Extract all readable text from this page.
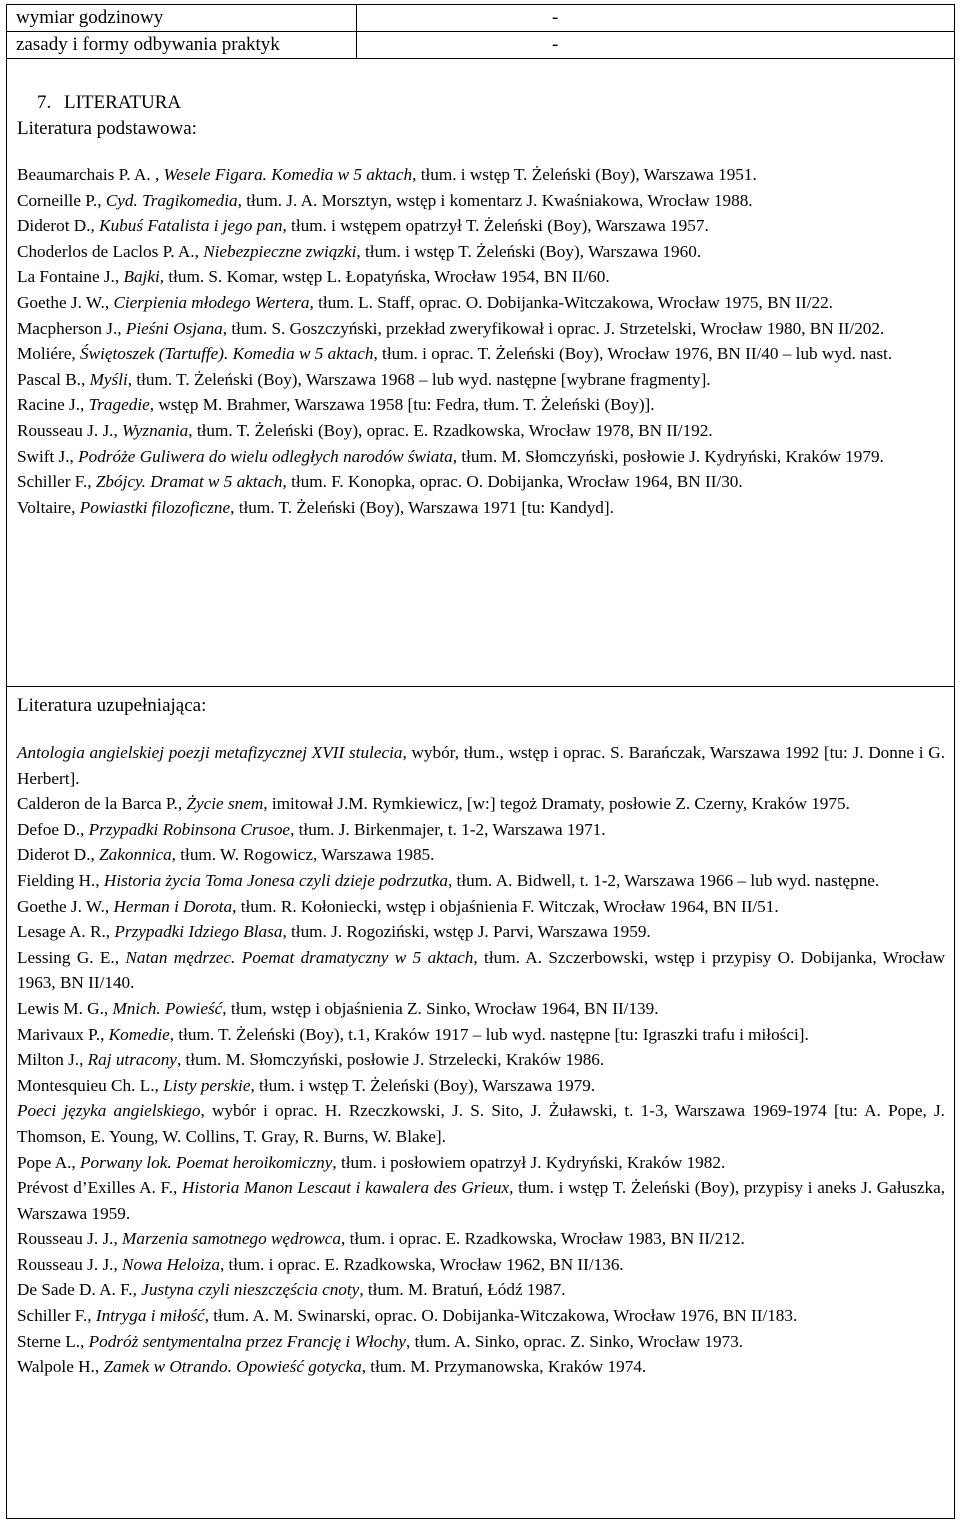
wymiar godzinowy	-
zasady i formy odbywania praktyk	-

7. LITERATURA

Literatura podstawowa:

Beaumarchais P. A. , Wesele Figara. Komedia w 5 aktach, tłum. i wstęp T. Żeleński (Boy), Warszawa 1951.

Corneille P., Cyd. Tragikomedia, tłum. J. A. Morsztyn, wstęp i komentarz J. Kwaśniakowa, Wrocław 1988.

Diderot D., Kubuś Fatalista i jego pan, tłum. i wstępem opatrzył T. Żeleński (Boy), Warszawa 1957.

Choderlos de Laclos P. A., Niebezpieczne związki, tłum. i wstęp T. Żeleński (Boy), Warszawa 1960.

La Fontaine J., Bajki, tłum. S. Komar, wstęp L. Łopatyńska, Wrocław 1954, BN II/60.

Goethe J. W., Cierpienia młodego Wertera, tłum. L. Staff, oprac. O. Dobijanka-Witczakowa, Wrocław 1975, BN II/22.

Macpherson J., Pieśni Osjana, tłum. S. Goszczyński, przekład zweryfikował i oprac. J. Strzetelski, Wrocław 1980, BN II/202.

Moliére, Świętoszek (Tartuffe). Komedia w 5 aktach, tłum. i oprac. T. Żeleński (Boy), Wrocław 1976, BN II/40 – lub wyd. nast.

Pascal B., Myśli, tłum. T. Żeleński (Boy), Warszawa 1968 – lub wyd. następne [wybrane fragmenty].

Racine J., Tragedie, wstęp M. Brahmer, Warszawa 1958 [tu: Fedra, tłum. T. Żeleński (Boy)].

Rousseau J. J., Wyznania, tłum. T. Żeleński (Boy), oprac. E. Rzadkowska, Wrocław 1978, BN II/192.

Swift J., Podróże Guliwera do wielu odległych narodów świata, tłum. M. Słomczyński, posłowie J. Kydryński, Kraków 1979.

Schiller F., Zbójcy. Dramat w 5 aktach, tłum. F. Konopka, oprac. O. Dobijanka, Wrocław 1964, BN II/30.

Voltaire, Powiastki filozoficzne, tłum. T. Żeleński (Boy), Warszawa 1971 [tu: Kandyd].

Literatura uzupełniająca:

Antologia angielskiej poezji metafizycznej XVII stulecia, wybór, tłum., wstęp i oprac. S. Barańczak, Warszawa 1992 [tu: J. Donne i G. Herbert].

Calderon de la Barca P., Życie snem, imitował J.M. Rymkiewicz, [w:] tegoż Dramaty, posłowie Z. Czerny, Kraków 1975.

Defoe D., Przypadki Robinsona Crusoe, tłum. J. Birkenmajer, t. 1-2, Warszawa 1971.

Diderot D., Zakonnica, tłum. W. Rogowicz, Warszawa 1985.

Fielding H., Historia życia Toma Jonesa czyli dzieje podrzutka, tłum. A. Bidwell, t. 1-2, Warszawa 1966 – lub wyd. następne.

Goethe J. W., Herman i Dorota, tłum. R. Kołoniecki, wstęp i objaśnienia F. Witczak, Wrocław 1964, BN II/51.

Lesage A. R., Przypadki Idziego Blasa, tłum. J. Rogoziński, wstęp J. Parvi, Warszawa 1959.

Lessing G. E., Natan mędrzec. Poemat dramatyczny w 5 aktach, tłum. A. Szczerbowski, wstęp i przypisy O. Dobijanka, Wrocław 1963, BN II/140.

Lewis M. G., Mnich. Powieść, tłum, wstęp i objaśnienia Z. Sinko, Wrocław 1964, BN II/139.

Marivaux P., Komedie, tłum. T. Żeleński (Boy), t.1, Kraków 1917 – lub wyd. następne [tu: Igraszki trafu i miłości].

Milton J., Raj utracony, tłum. M. Słomczyński, posłowie J. Strzelecki, Kraków 1986.

Montesquieu Ch. L., Listy perskie, tłum. i wstęp T. Żeleński (Boy), Warszawa 1979.

Poeci języka angielskiego, wybór i oprac. H. Rzeczkowski, J. S. Sito, J. Żuławski, t. 1-3, Warszawa 1969-1974 [tu: A. Pope, J. Thomson, E. Young, W. Collins, T. Gray, R. Burns, W. Blake].

Pope A., Porwany lok. Poemat heroikomiczny, tłum. i posłowiem opatrzył J. Kydryński, Kraków 1982.

Prévost d’Exilles A. F., Historia Manon Lescaut i kawalera des Grieux, tłum. i wstęp T. Żeleński (Boy), przypisy i aneks J. Gałuszka, Warszawa 1959.

Rousseau J. J., Marzenia samotnego wędrowca, tłum. i oprac. E. Rzadkowska, Wrocław 1983, BN II/212.

Rousseau J. J., Nowa Heloiza, tłum. i oprac. E. Rzadkowska, Wrocław 1962, BN II/136.

De Sade D. A. F., Justyna czyli nieszczęścia cnoty, tłum. M. Bratuń, Łódź 1987.

Schiller F., Intryga i miłość, tłum. A. M. Swinarski, oprac. O. Dobijanka-Witczakowa, Wrocław 1976, BN II/183.

Sterne L., Podróż sentymentalna przez Francję i Włochy, tłum. A. Sinko, oprac. Z. Sinko, Wrocław 1973.

Walpole H., Zamek w Otrando. Opowieść gotycka, tłum. M. Przymanowska, Kraków 1974.
